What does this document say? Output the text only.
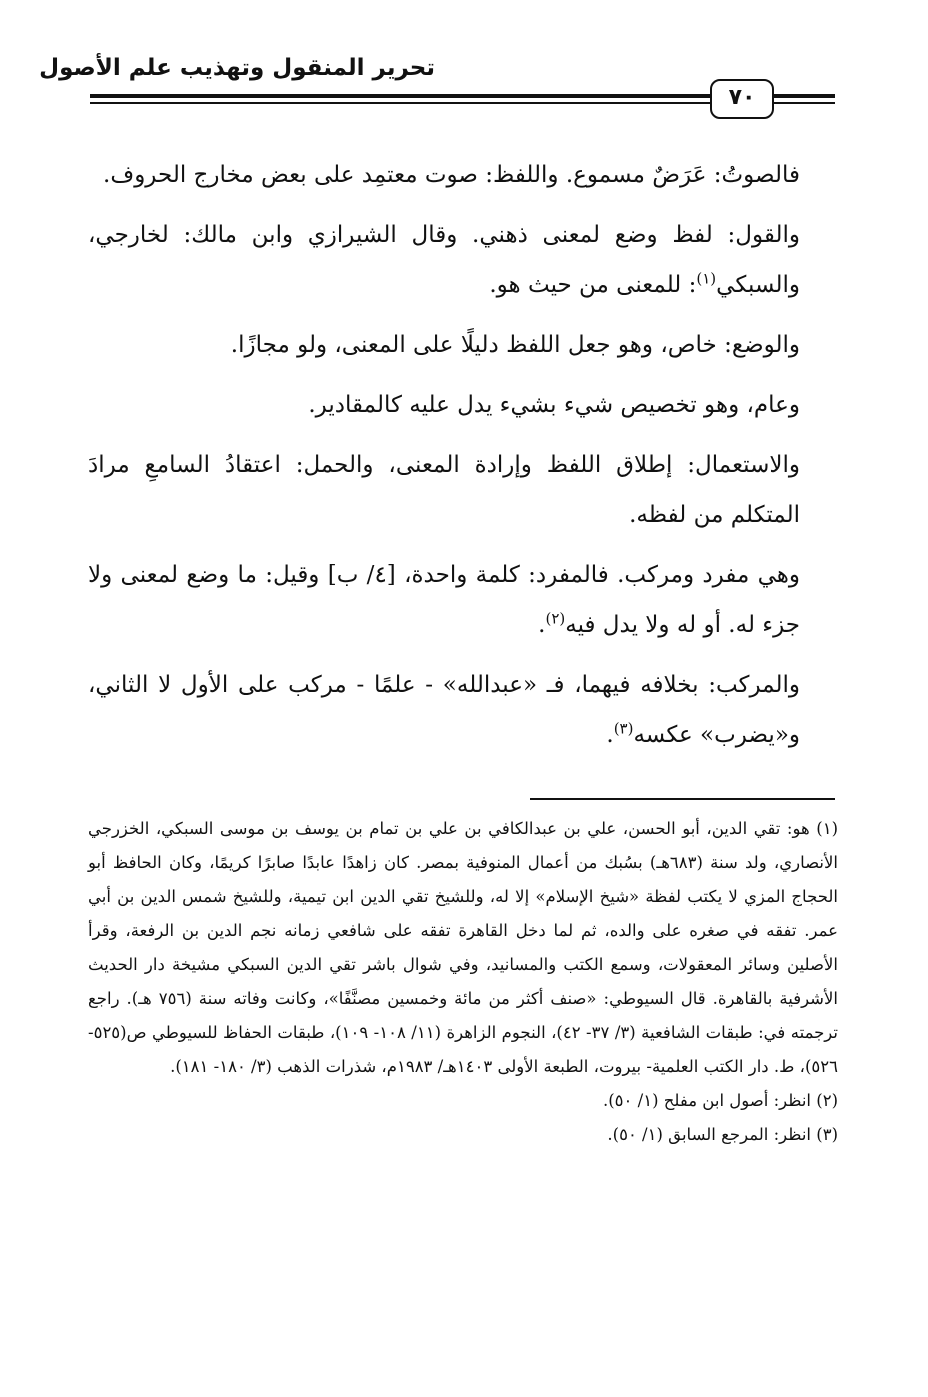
تحرير المنقول وتهذيب علم الأصول
٧٠

فالصوتُ: عَرَضٌ مسموع. واللفظ: صوت معتمِد على بعض مخارج الحروف.

والقول: لفظ وضع لمعنى ذهني. وقال الشيرازي وابن مالك: لخارجي، والسبكي$^{(١)}$: للمعنى من حيث هو.

والوضع: خاص، وهو جعل اللفظ دليلًا على المعنى، ولو مجازًا.

وعام، وهو تخصيص شيء بشيء يدل عليه كالمقادير.

والاستعمال: إطلاق اللفظ وإرادة المعنى، والحمل: اعتقادُ السامعِ مرادَ المتكلم من لفظه.

وهي مفرد ومركب. فالمفرد: كلمة واحدة، [٤/ ب] وقيل: ما وضع لمعنى ولا جزء له. أو له ولا يدل فيه$^{(٢)}$.

والمركب: بخلافه فيهما، فـ «عبدالله» - علمًا - مركب على الأول لا الثاني، و«يضرب» عكسه$^{(٣)}$.

(١) هو: تقي الدين، أبو الحسن، علي بن عبدالكافي بن علي بن تمام بن يوسف بن موسى السبكي، الخزرجي الأنصاري، ولد سنة (٦٨٣هـ) بسُبك من أعمال المنوفية بمصر. كان زاهدًا عابدًا صابرًا كريمًا، وكان الحافظ أبو الحجاج المزي لا يكتب لفظة «شيخ الإسلام» إلا له، وللشيخ تقي الدين ابن تيمية، وللشيخ شمس الدين بن أبي عمر. تفقه في صغره على والده، ثم لما دخل القاهرة تفقه على شافعي زمانه نجم الدين بن الرفعة، وقرأ الأصلين وسائر المعقولات، وسمع الكتب والمسانيد، وفي شوال باشر تقي الدين السبكي مشيخة دار الحديث الأشرفية بالقاهرة. قال السيوطي: «صنف أكثر من مائة وخمسين مصنَّفًا»، وكانت وفاته سنة (٧٥٦ هـ). راجع ترجمته في: طبقات الشافعية (٣/ ٣٧- ٤٢)، النجوم الزاهرة (١١/ ١٠٨- ١٠٩)، طبقات الحفاظ للسيوطي ص(٥٢٥- ٥٢٦)، ط. دار الكتب العلمية- بيروت، الطبعة الأولى ١٤٠٣هـ/ ١٩٨٣م، شذرات الذهب (٣/ ١٨٠- ١٨١).

(٢) انظر: أصول ابن مفلح (١/ ٥٠).

(٣) انظر: المرجع السابق (١/ ٥٠).
